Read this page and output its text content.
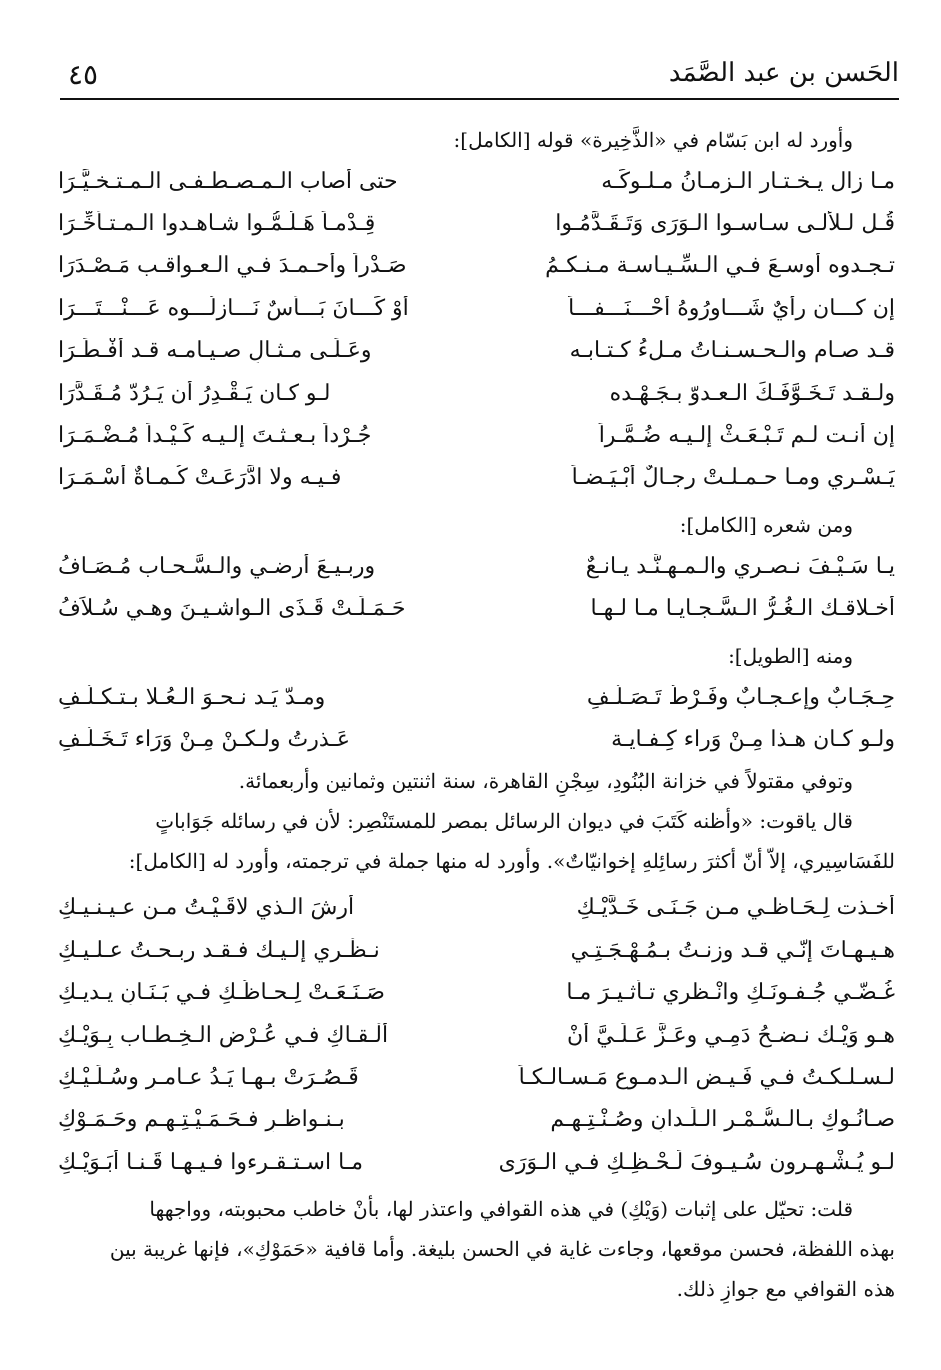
الحَسن بن عبد الصَّمَد
٤٥

وأورد له ابن بَسّام في «الذَّخِيرة» قوله [الكامل]:

مـا زال يـخـتـار الـزمـانُ مـلـوكَـه
حتى أصاب الـمـصـطـفـى الـمـتـخـيَّـرَا
قُـل لـلألـى سـاسـوا الـوَرَى وَتَـقَـدَّمُـوا
قِـدْمـاً هَـلُـمُّـوا شـاهـدوا الـمـتـأخِّـرَا
تـجـدوه أوسـعَ فـي الـسِّـيـاسـة مـنـكـمُ
صَـدْراً وأحـمـدَ فـي الـعـواقـب مَـصْـدَرَا
إن كـــان رأيٌ شَـــاوِرُوهُ أَحْـــنَـــفـــاً
أَوْ كَـــانَ بَـــأْسٌ نَـــازِلُـــوه عَـــنْـــتَـــرَا
قـد صـام والـحـسـنـاتُ مـلءُ كـتـابـه
وعَـلَـى مـثـالِ صـيـامـه قـد أَفْـطَـرَا
ولـقـد تَـخَـوَّفَـكَ الـعـدوّ بـجَـهْـده
لـو كـان يَـقْـدِرُ أن يَـرُدّ مُـقَـدَّرَا
إن أنـت لـم تَـبْـعَـثْ إلـيـه ضُـمَّـراً
جُـرْداً بـعـثـتَ إلـيـه كَـيْـداً مُـضْـمَـرَا
يَـسْـري ومـا حـمـلـتْ رجـالٌ أَبْـيَـضـاً
فـيـه ولا ادَّرَعَـتْ كُـمـاةٌ أَسْـمَـرَا

ومن شعره [الكامل]:

يـا سَـيْـفَ نـصـري والـمـهـنَّـد يـانـعٌ
وربـيـعَ أرضـي والـسَّـحـاب مُـصَـافُ
أخـلاقـك الـغُـرُّ الـسَّـجـايـا مـا لـهـا
حَـمَـلَـتْ قَـذَى الـواشـيـنَ وهـي سُـلاَفُ

ومنه [الطويل]:

حِـجَـابٌ وإعـجـابٌ وفَـرْطُ تَـصَـلُّـفِ
ومـدّ يَـد نـحـوَ الـعُـلا بـتـكـلُّـفِ
ولـو كـان هـذا مِـنْ وَراء كِـفـايـة
عَـذرتُ ولـكـنْ مِـنْ وَرَاء تَـخَـلُّـفِ

وتوفي مقتولاً في خزانة البُنُودِ، سِجْنِ القاهرة، سنة اثنتين وثمانين وأربعمائة.

قال ياقوت: «وأظنه كَتَبَ في ديوان الرسائل بمصر للمستَنْصِر: لأن في رسائله جَوَاباتٍ

للفَسَاسِيري، إلاّ أنّ أكثرَ رسائِلهِ إخوانيّاتٌ». وأورد له منها جملة في ترجمته، وأورد له [الكامل]:

أخـذت لِـحَـاظـي مـن جَـنَـى خَـدَّيْـكِ
أرشَ الـذي لاقَـيْـتُ مـن عـيـنـيـكِ
هـيـهـاتَ إنّـي قـد وزنـتُ بـمُـهْـجَـتِـي
نـظْـرِي إلـيـك فـقـد ربـحـتُ عـلـيـكِ
غُـضّـي جُـفـونَـكِ وانْـظري تـأثـيـرَ مـا
صَـنَـعَـتْ لِـحـاظُـكِ فـي بَـنَـانِ يـديـكِ
هـو وَيْـك نـضـحُ دَمِـي وعَـزَّ عَـلَـيَّ أَنْ
أَلْـقـاكِ فـي عُـرْضِ الـخِـطـاب بِـوَيْـكِ
لـسـلـكـتُ فـي فَـيـض الـدمـوع مَـسـالـكـاً
قَـصُـرَتْ بـهـا يَـدُ عـامـرٍ وسُـلَـيْـكِ
صـانُـوكِ بـالـسُّـمْـرِ الـلِّـدانِ وصُـنْـتِـهـم
بـنـواظـرٍ فـحَـمَـيْـتِـهـم وحَـمَـوْكِ
لـو يُـشْـهِـرون سُـيـوفَ لَـحْـظِـكِ فـي الـوَرَى
مـا اسـتـقـرءوا فـيـهـا قَـنـا أَبَـوَيْـكِ

قلت: تحيّل على إثبات (وَيْكِ) في هذه القوافي واعتذر لها، بأنْ خاطب محبوبته، وواجهها

بهذه اللفظة، فحسن موقعها، وجاءت غاية في الحسن بليغة. وأما قافية «حَمَوْكِ»، فإنها غريبة بين

هذه القوافي مع جوازِ ذلك.
